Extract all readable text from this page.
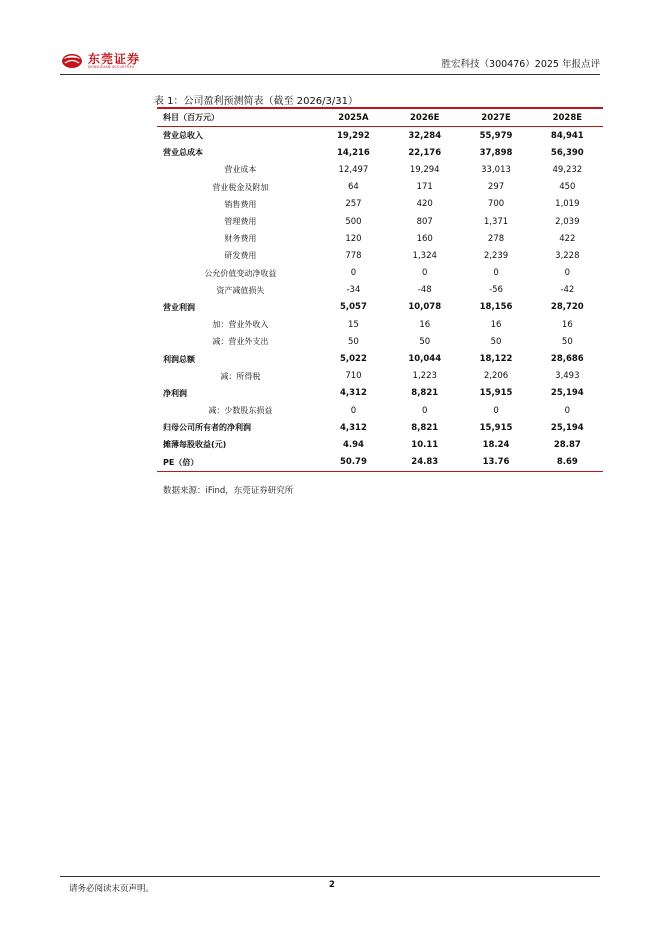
东莞证券
DONGGUAN SECURITIES	胜宏科技（300476）2025 年报点评
表 1：公司盈利预测简表（截至 2026/3/31）
科目（百万元）	2025A	2026E	2027E	2028E
营业总收入	19,292	32,284	55,979	84,941
营业总成本	14,216	22,176	37,898	56,390
营业成本	12,497	19,294	33,013	49,232
营业税金及附加	64	171	297	450
销售费用	257	420	700	1,019
管理费用	500	807	1,371	2,039
财务费用	120	160	278	422
研发费用	778	1,324	2,239	3,228
公允价值变动净收益	0	0	0	0
资产减值损失	-34	-48	-56	-42
营业利润	5,057	10,078	18,156	28,720
加：营业外收入	15	16	16	16
减：营业外支出	50	50	50	50
利润总额	5,022	10,044	18,122	28,686
减：所得税	710	1,223	2,206	3,493
净利润	4,312	8,821	15,915	25,194
减：少数股东损益	0	0	0	0
归母公司所有者的净利润	4,312	8,821	15,915	25,194
摊薄每股收益(元)	4.94	10.11	18.24	28.87
PE（倍）	50.79	24.83	13.76	8.69
数据来源：iFind，东莞证券研究所
请务必阅读末页声明。	2
